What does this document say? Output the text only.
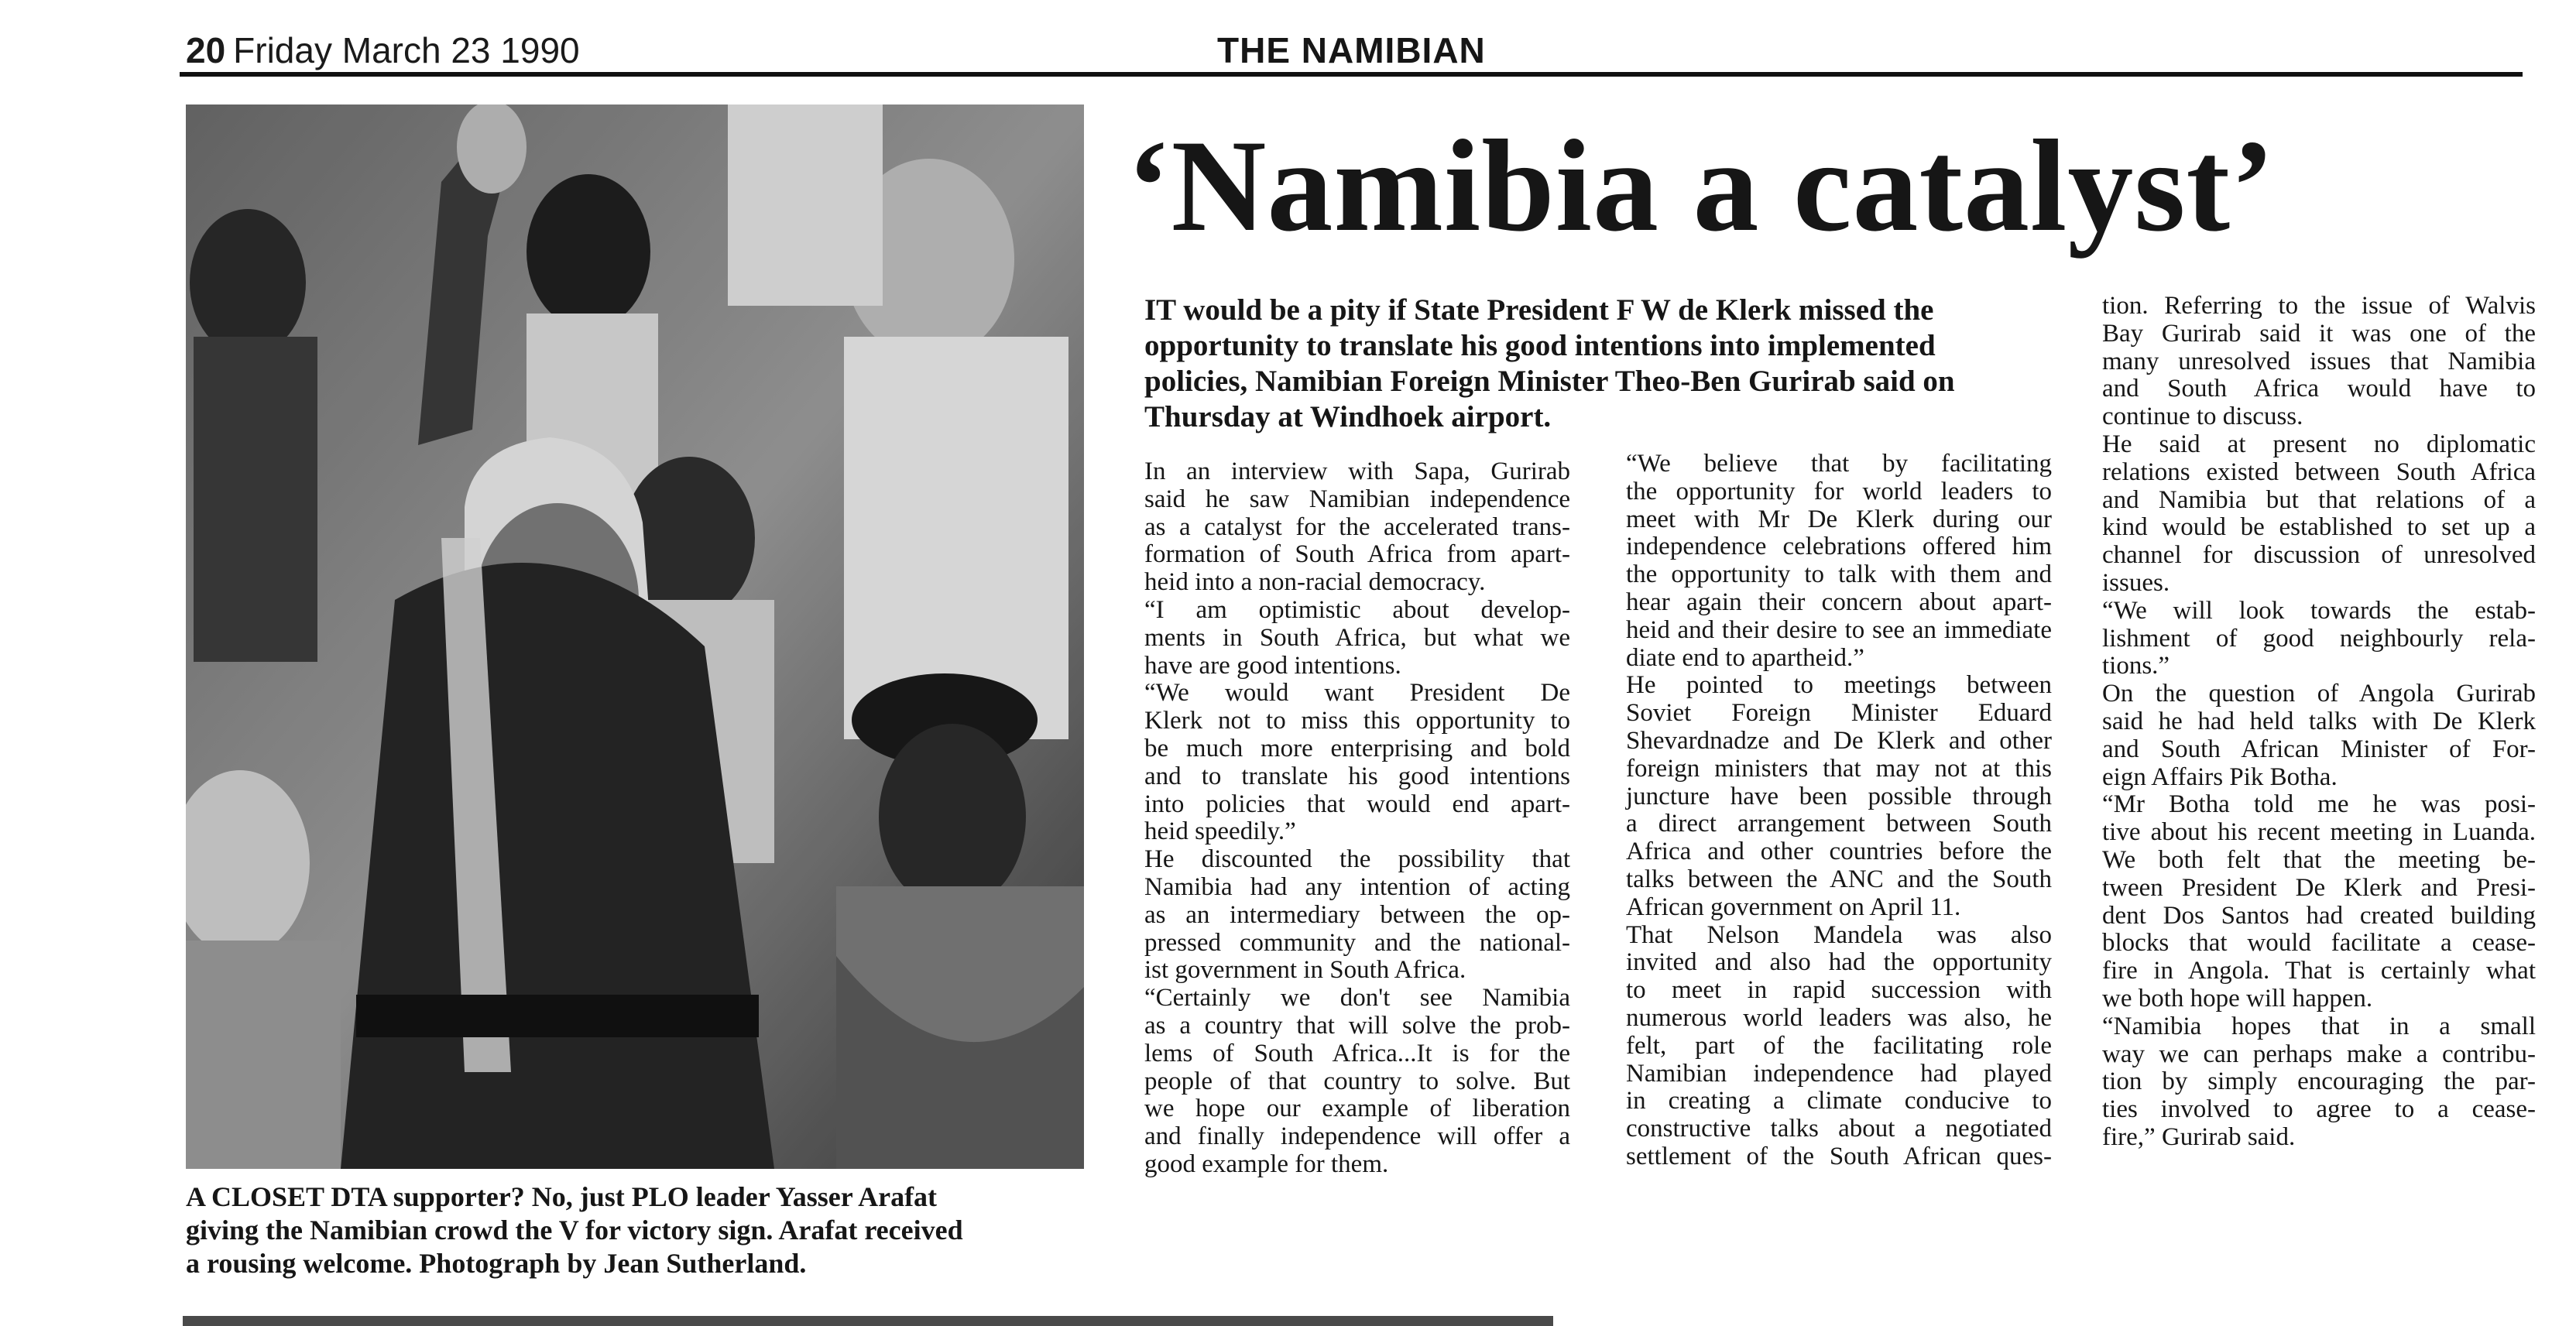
20 Friday March 23 1990	THE NAMIBIAN

A CLOSET DTA supporter? No, just PLO leader Yasser Arafat

giving the Namibian crowd the V for victory sign. Arafat received

a rousing welcome. Photograph by Jean Sutherland.

‘Namibia a catalyst’

IT would be a pity if State President F W de Klerk missed the

opportunity to translate his good intentions into implemented

policies, Namibian Foreign Minister Theo-Ben Gurirab said on

Thursday at Windhoek airport.

In an interview with Sapa, Gurirab

said he saw Namibian independence

as a catalyst for the accelerated trans-

formation of South Africa from apart-

heid into a non-racial democracy.

“I am optimistic about develop-

ments in South Africa, but what we

have are good intentions.

“We would want President De

Klerk not to miss this opportunity to

be much more enterprising and bold

and to translate his good intentions

into policies that would end apart-

heid speedily.”

He discounted the possibility that

Namibia had any intention of acting

as an intermediary between the op-

pressed community and the national-

ist government in South Africa.

“Certainly we don't see Namibia

as a country that will solve the prob-

lems of South Africa...It is for the

people of that country to solve. But

we hope our example of liberation

and finally independence will offer a

good example for them.

“We believe that by facilitating

the opportunity for world leaders to

meet with Mr De Klerk during our

independence celebrations offered him

the opportunity to talk with them and

hear again their concern about apart-

heid and their desire to see an immediate

diate end to apartheid.”

He pointed to meetings between

Soviet Foreign Minister Eduard

Shevardnadze and De Klerk and other

foreign ministers that may not at this

juncture have been possible through

a direct arrangement between South

Africa and other countries before the

talks between the ANC and the South

African government on April 11.

That Nelson Mandela was also

invited and also had the opportunity

to meet in rapid succession with

numerous world leaders was also, he

felt, part of the facilitating role

Namibian independence had played

in creating a climate conducive to

constructive talks about a negotiated

settlement of the South African ques-

tion. Referring to the issue of Walvis

Bay Gurirab said it was one of the

many unresolved issues that Namibia

and South Africa would have to

continue to discuss.

He said at present no diplomatic

relations existed between South Africa

and Namibia but that relations of a

kind would be established to set up a

channel for discussion of unresolved

issues.

“We will look towards the estab-

lishment of good neighbourly rela-

tions.”

On the question of Angola Gurirab

said he had held talks with De Klerk

and South African Minister of For-

eign Affairs Pik Botha.

“Mr Botha told me he was posi-

tive about his recent meeting in Luanda.

We both felt that the meeting be-

tween President De Klerk and Presi-

dent Dos Santos had created building

blocks that would facilitate a cease-

fire in Angola. That is certainly what

we both hope will happen.

“Namibia hopes that in a small

way we can perhaps make a contribu-

tion by simply encouraging the par-

ties involved to agree to a cease-

fire,” Gurirab said.
